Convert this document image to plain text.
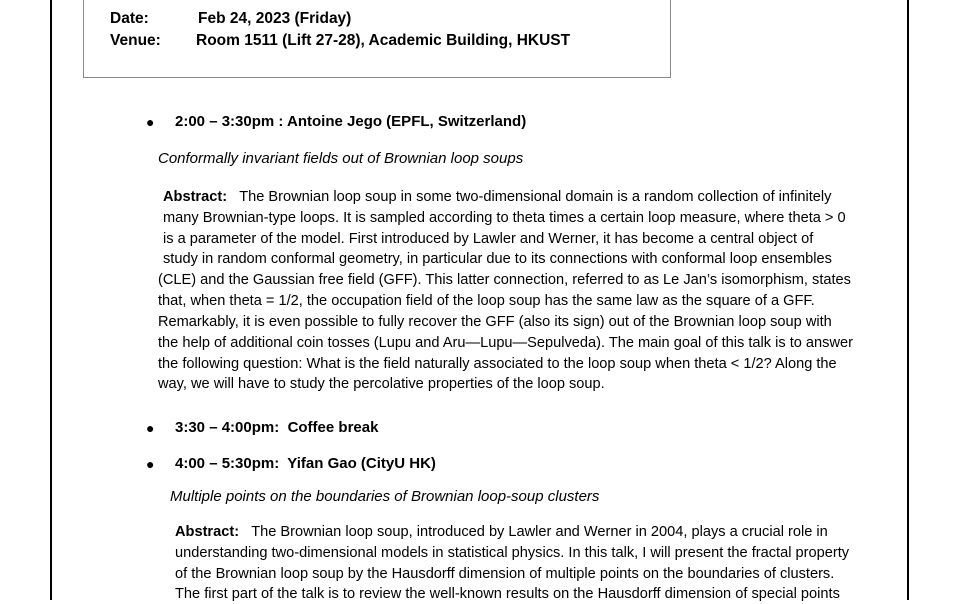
Date:	Feb 24, 2023 (Friday)
Venue: Room 1511 (Lift 27-28), Academic Building, HKUST
● 2:00 – 3:30pm : Antoine Jego (EPFL, Switzerland)
Conformally invariant fields out of Brownian loop soups
Abstract: The Brownian loop soup in some two-dimensional domain is a random collection of infinitely
many Brownian-type loops. It is sampled according to theta times a certain loop measure, where theta > 0
is a parameter of the model. First introduced by Lawler and Werner, it has become a central object of
study in random conformal geometry, in particular due to its connections with conformal loop ensembles
(CLE) and the Gaussian free field (GFF). This latter connection, referred to as Le Jan’s isomorphism, states
that, when theta = 1/2, the occupation field of the loop soup has the same law as the square of a GFF.
Remarkably, it is even possible to fully recover the GFF (also its sign) out of the Brownian loop soup with
the help of additional coin tosses (Lupu and Aru—Lupu—Sepulveda). The main goal of this talk is to answer
the following question: What is the field naturally associated to the loop soup when theta < 1/2? Along the
way, we will have to study the percolative properties of the loop soup.
● 3:30 – 4:00pm: Coffee break
● 4:00 – 5:30pm: Yifan Gao (CityU HK)
Multiple points on the boundaries of Brownian loop-soup clusters
Abstract: The Brownian loop soup, introduced by Lawler and Werner in 2004, plays a crucial role in
understanding two-dimensional models in statistical physics. In this talk, I will present the fractal property
of the Brownian loop soup by the Hausdorff dimension of multiple points on the boundaries of clusters.
The first part of the talk is to review the well-known results on the Hausdorff dimension of special points
